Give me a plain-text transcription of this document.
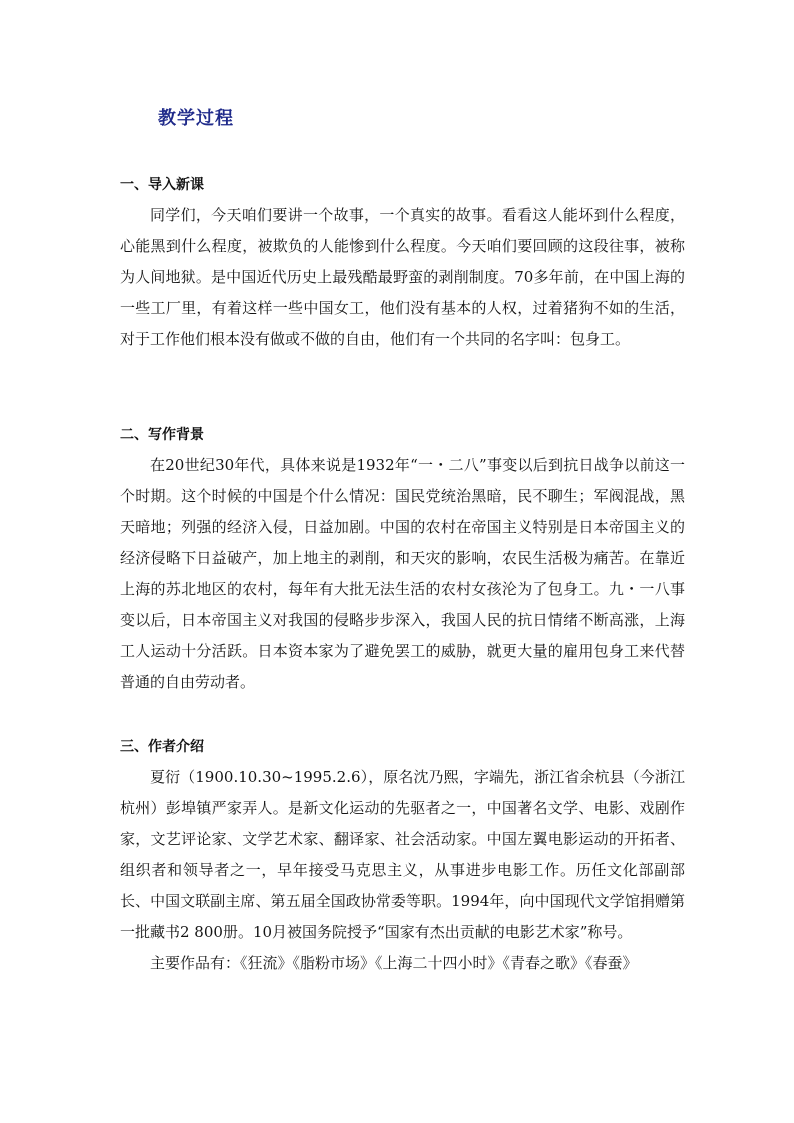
教学过程
一、导入新课

同学们，今天咱们要讲一个故事，一个真实的故事。看看这人能坏到什么程度，心能黑到什么程度，被欺负的人能惨到什么程度。今天咱们要回顾的这段往事，被称为人间地狱。是中国近代历史上最残酷最野蛮的剥削制度。70多年前，在中国上海的一些工厂里，有着这样一些中国女工，他们没有基本的人权，过着猪狗不如的生活，对于工作他们根本没有做或不做的自由，他们有一个共同的名字叫：包身工。

二、写作背景

在20世纪30年代，具体来说是1932年“一・二八”事变以后到抗日战争以前这一个时期。这个时候的中国是个什么情况：国民党统治黑暗，民不聊生；军阀混战，黑天暗地；列强的经济入侵，日益加剧。中国的农村在帝国主义特别是日本帝国主义的经济侵略下日益破产，加上地主的剥削，和天灾的影响，农民生活极为痛苦。在靠近上海的苏北地区的农村，每年有大批无法生活的农村女孩沦为了包身工。九・一八事变以后，日本帝国主义对我国的侵略步步深入，我国人民的抗日情绪不断高涨，上海工人运动十分活跃。日本资本家为了避免罢工的威胁，就更大量的雇用包身工来代替普通的自由劳动者。

三、作者介绍

夏衍（1900.10.30~1995.2.6），原名沈乃熙，字端先，浙江省余杭县（今浙江杭州）彭埠镇严家弄人。是新文化运动的先驱者之一，中国著名文学、电影、戏剧作家，文艺评论家、文学艺术家、翻译家、社会活动家。中国左翼电影运动的开拓者、组织者和领导者之一，早年接受马克思主义，从事进步电影工作。历任文化部副部长、中国文联副主席、第五届全国政协常委等职。1994年，向中国现代文学馆捐赠第一批藏书2 800册。10月被国务院授予“国家有杰出贡献的电影艺术家”称号。

主要作品有：《狂流》《脂粉市场》《上海二十四小时》《青春之歌》《春蚕》
